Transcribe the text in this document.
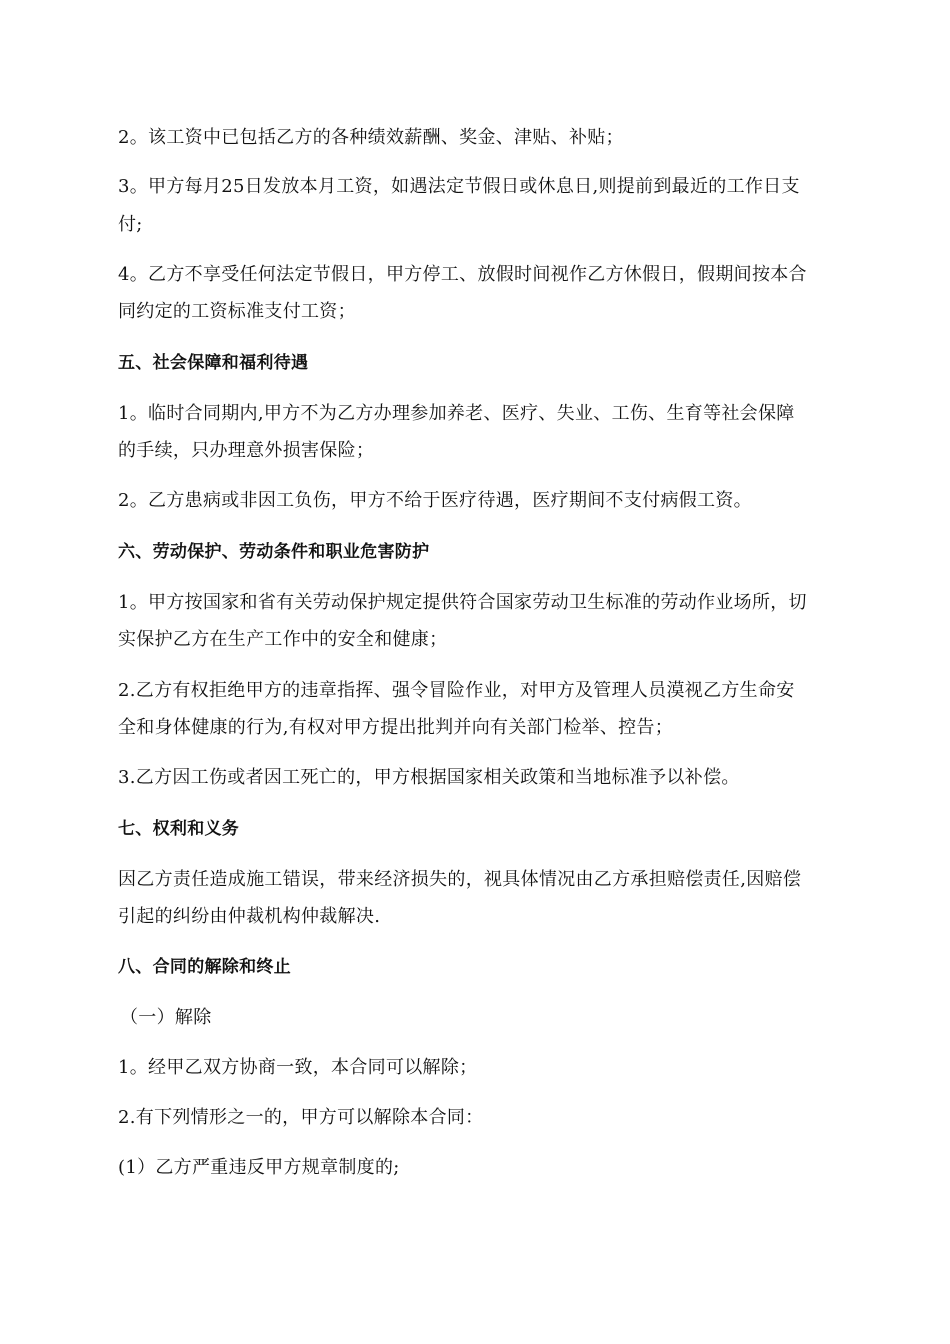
2。该工资中已包括乙方的各种绩效薪酬、奖金、津贴、补贴；
3。甲方每月25日发放本月工资，如遇法定节假日或休息日,则提前到最近的工作日支
付;
4。乙方不享受任何法定节假日，甲方停工、放假时间视作乙方休假日，假期间按本合
同约定的工资标准支付工资；
五、社会保障和福利待遇
1。临时合同期内,甲方不为乙方办理参加养老、医疗、失业、工伤、生育等社会保障
的手续，只办理意外损害保险；
2。乙方患病或非因工负伤，甲方不给于医疗待遇，医疗期间不支付病假工资。
六、劳动保护、劳动条件和职业危害防护
1。甲方按国家和省有关劳动保护规定提供符合国家劳动卫生标准的劳动作业场所，切
实保护乙方在生产工作中的安全和健康；
2.乙方有权拒绝甲方的违章指挥、强令冒险作业，对甲方及管理人员漠视乙方生命安
全和身体健康的行为,有权对甲方提出批判并向有关部门检举、控告；
3.乙方因工伤或者因工死亡的，甲方根据国家相关政策和当地标准予以补偿。
七、权利和义务
因乙方责任造成施工错误，带来经济损失的，视具体情况由乙方承担赔偿责任,因赔偿
引起的纠纷由仲裁机构仲裁解决.
八、合同的解除和终止
（一）解除
1。经甲乙双方协商一致，本合同可以解除；
2.有下列情形之一的，甲方可以解除本合同：
(1）乙方严重违反甲方规章制度的;
